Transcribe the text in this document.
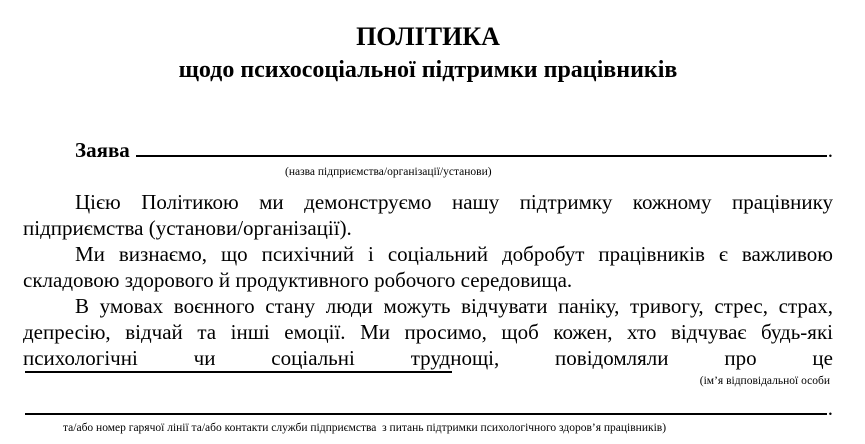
ПОЛІТИКА
щодо психосоціальної підтримки працівників
Заява	.
(назва підприємства/організації/установи)
Цією Політикою ми демонструємо нашу підтримку кожному працівнику
підприємства (установи/організації).
Ми визнаємо, що психічний і соціальний добробут працівників є важливою
складовою здорового й продуктивного робочого середовища.
В умовах воєнного стану люди можуть відчувати паніку, тривогу, стрес, страх,
депресію, відчай та інші емоції. Ми просимо, щоб кожен, хто відчуває будь-які
психологічні чи соціальні труднощі, повідомляли про це
(ім’я відповідальної особи
.
та/або номер гарячої лінії та/або контакти служби підприємства  з питань підтримки психологічного здоров’я працівників)
